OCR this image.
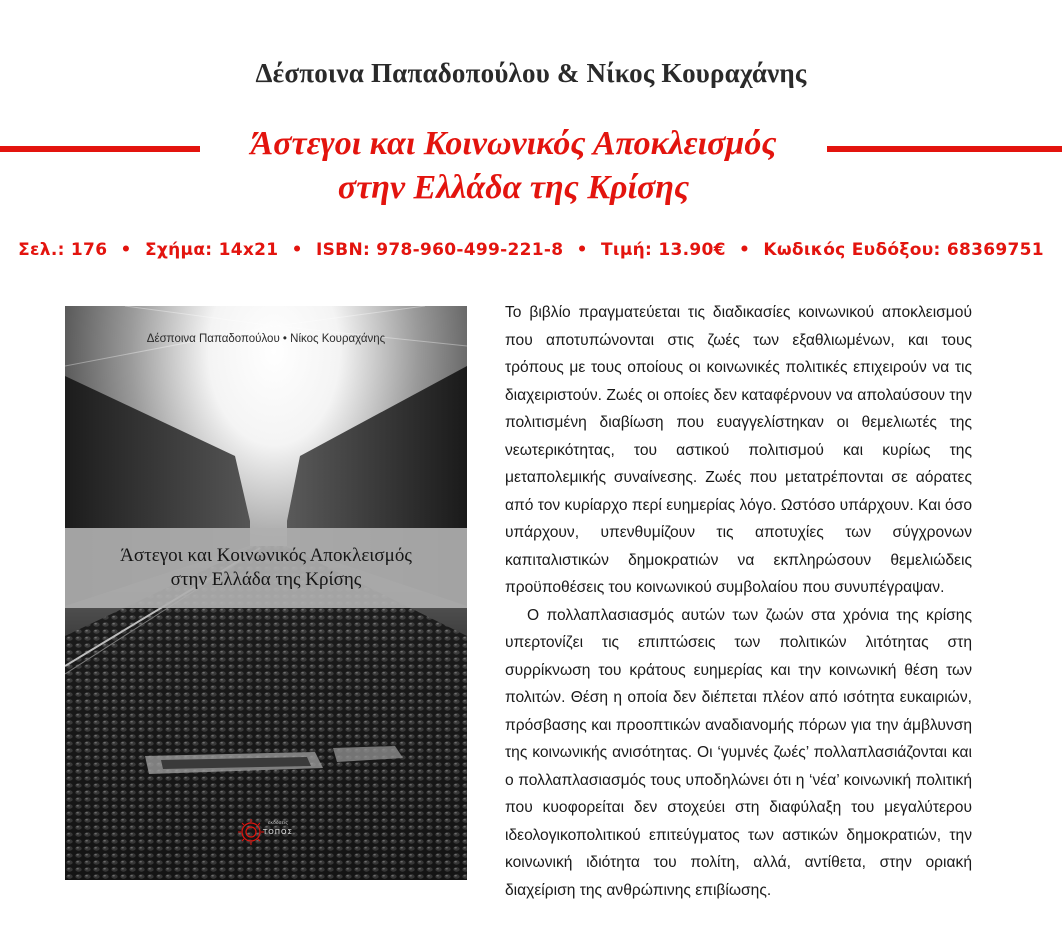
Δέσποινα Παπαδοπούλου & Νίκος Κουραχάνης
Άστεγοι και Κοινωνικός Αποκλεισμός
στην Ελλάδα της Κρίσης
Σελ.: 176 • Σχήμα: 14x21 • ISBN: 978-960-499-221-8 • Τιμή: 13.90€ • Κωδικός Ευδόξου: 68369751
Δέσποινα Παπαδοπούλου • Νίκος Κουραχάνης
Άστεγοι και Κοινωνικός Αποκλεισμός
στην Ελλάδα της Κρίσης
εκδόσεις
ΤΟΠΟΣ

Το βιβλίο πραγματεύεται τις διαδικασίες κοινωνικού αποκλεισμού που αποτυπώνονται στις ζωές των εξαθλιωμένων, και τους τρόπους με τους οποίους οι κοινωνικές πολιτικές επιχειρούν να τις διαχειριστούν. Ζωές οι οποίες δεν καταφέρνουν να απολαύσουν την πολιτισμένη διαβίωση που ευαγγελίστηκαν οι θεμελιωτές της νεωτερικότητας, του αστικού πολιτισμού και κυρίως της μεταπολεμικής συναίνεσης. Ζωές που μετατρέπονται σε αόρατες από τον κυρίαρχο περί ευημερίας λόγο. Ωστόσο υπάρχουν. Και όσο υπάρχουν, υπενθυμίζουν τις αποτυχίες των σύγχρονων καπιταλιστικών δημοκρατιών να εκπληρώσουν θεμελιώδεις προϋποθέσεις του κοινωνικού συμβολαίου που συνυπέγραψαν.

Ο πολλαπλασιασμός αυτών των ζωών στα χρόνια της κρίσης υπερτονίζει τις επιπτώσεις των πολιτικών λιτότητας στη συρρίκνωση του κράτους ευημερίας και την κοινωνική θέση των πολιτών. Θέση η οποία δεν διέπεται πλέον από ισότητα ευκαιριών, πρόσβασης και προοπτικών αναδιανομής πόρων για την άμβλυνση της κοινωνικής ανισότητας. Οι ‘γυμνές ζωές’ πολλαπλασιάζονται και ο πολλαπλασιασμός τους υποδηλώνει ότι η ‘νέα’ κοινωνική πολιτική που κυοφορείται δεν στοχεύει στη διαφύλαξη του μεγαλύτερου ιδεολογικοπολιτικού επιτεύγματος των αστικών δημοκρατιών, την κοινωνική ιδιότητα του πολίτη, αλλά, αντίθετα, στην οριακή διαχείριση της ανθρώπινης επιβίωσης.
